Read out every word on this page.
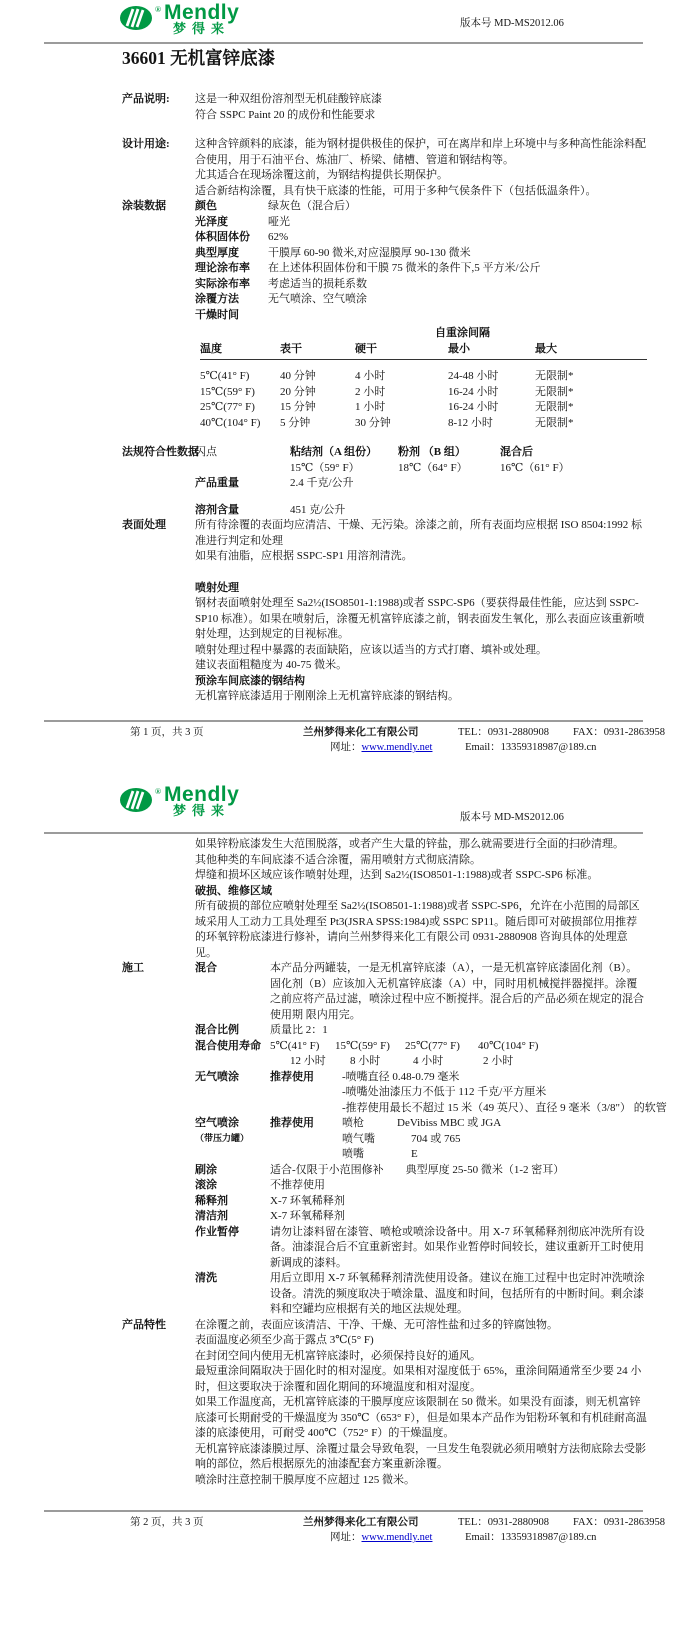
® Mendly
梦得来	版本号 MD-MS2012.06
36601 无机富锌底漆
产品说明:	这是一种双组份溶剂型无机硅酸锌底漆
符合 SSPC Paint 20 的成份和性能要求
设计用途:	这种含锌颜料的底漆，能为钢材提供极佳的保护，可在离岸和岸上环境中与多种高性能涂料配合使用，用于石油平台、炼油厂、桥梁、储槽、管道和钢结构等。
尤其适合在现场涂覆这前，为钢结构提供长期保护。
适合新结构涂覆，具有快干底漆的性能，可用于多种气侯条件下（包括低温条件）。
涂装数据	颜色	绿灰色（混合后）
光泽度	哑光
体积固体份	62%
典型厚度	干膜厚 60-90 微米,对应湿膜厚 90-130 微米
理论涂布率	在上述体积固体份和干膜 75 微米的条件下,5 平方米/公斤
实际涂布率	考虑适当的损耗系数
涂覆方法	无气喷涂、空气喷涂
干燥时间
自重涂间隔
温度	表干	硬干	最小	最大
5℃(41° F)	40 分钟	4 小时	24-48 小时	无限制*
15℃(59° F)	20 分钟	2 小时	16-24 小时	无限制*
25℃(77° F)	15 分钟	1 小时	16-24 小时	无限制*
40℃(104° F)	5 分钟	30 分钟	8-12 小时	无限制*
法规符合性数据
闪点	粘结剂（A 组份）	粉剂 （B 组）	混合后
15℃（59° F）	18℃（64° F）	16℃（61° F）
产品重量	2.4 千克/公升
溶剂含量	451 克/公升
表面处理	所有待涂覆的表面均应清洁、干燥、无污染。涂漆之前，所有表面均应根据 ISO 8504:1992 标准进行判定和处理
如果有油脂，应根据 SSPC-SP1 用溶剂清洗。
喷射处理
钢材表面喷射处理至 Sa2½(ISO8501-1:1988)或者 SSPC-SP6（要获得最佳性能，应达到 SSPC-SP10 标准）。如果在喷射后，涂覆无机富锌底漆之前，钢表面发生氧化，那么表面应该重新喷射处理，达到规定的目视标准。
喷射处理过程中暴露的表面缺陷，应该以适当的方式打磨、填补或处理。
建议表面粗糙度为 40-75 微米。
预涂车间底漆的钢结构
无机富锌底漆适用于刚刚涂上无机富锌底漆的钢结构。
第 1 页，共 3 页	兰州梦得来化工有限公司	TEL：0931-2880908	FAX：0931-2863958
网址：www.mendly.net	Email：13359318987@189.cn
® Mendly
梦得来	版本号 MD-MS2012.06
如果锌粉底漆发生大范围脱落，或者产生大量的锌盐，那么就需要进行全面的扫砂清理。
其他种类的车间底漆不适合涂覆，需用喷射方式彻底清除。
焊缝和损坏区域应该作喷射处理，达到 Sa2½(ISO8501-1:1988)或者 SSPC-SP6 标准。
破损、维修区域
所有破损的部位应喷射处理至 Sa2½(ISO8501-1:1988)或者 SSPC-SP6，允许在小范围的局部区域采用人工动力工具处理至 Pt3(JSRA SPSS:1984)或 SSPC SP11。随后即可对破损部位用推荐的环氧锌粉底漆进行修补，请向兰州梦得来化工有限公司 0931-2880908 咨询具体的处理意见。
施工	混合	本产品分两罐装，一是无机富锌底漆（A），一是无机富锌底漆固化剂（B）。固化剂（B）应该加入无机富锌底漆（A）中，同时用机械搅拌器搅拌。涂覆之前应将产品过滤，喷涂过程中应不断搅拌。混合后的产品必须在规定的混合使用期 限内用完。
混合比例	质量比 2：1
混合使用寿命 5℃(41° F)	15℃(59° F)	25℃(77° F)	40℃(104° F)
12 小时	8 小时	4 小时	2 小时
无气喷涂	推荐使用	-喷嘴直径 0.48-0.79 毫米
-喷嘴处油漆压力不低于 112 千克/平方厘米
-推荐使用最长不超过 15 米（49 英尺）、直径 9 毫米（3/8"） 的软管
空气喷涂
（带压力罐）
推荐使用	喷枪	DeVibiss MBC 或 JGA
喷气嘴	704 或 765
喷嘴	E
刷涂	适合-仅限于小范围修补 典型厚度 25-50 微米（1-2 密耳）
滚涂	不推荐使用
稀释剂	X-7 环氧稀释剂
清洁剂	X-7 环氧稀释剂
作业暂停	请勿让漆料留在漆管、喷枪或喷涂设备中。用 X-7 环氧稀释剂彻底冲洗所有设备。油漆混合后不宜重新密封。如果作业暂停时间较长，建议重新开工时使用新调成的漆料。
清洗	用后立即用 X-7 环氧稀释剂清洗使用设备。建议在施工过程中也定时冲洗喷涂设备。清洗的频度取决于喷涂量、温度和时间，包括所有的中断时间。剩余漆料和空罐均应根据有关的地区法规处理。
产品特性	在涂覆之前，表面应该清洁、干净、干燥、无可溶性盐和过多的锌腐蚀物。
表面温度必须至少高于露点 3℃(5° F)
在封闭空间内使用无机富锌底漆时，必须保持良好的通风。
最短重涂间隔取决于固化时的相对湿度。如果相对湿度低于 65%，重涂间隔通常至少要 24 小时，但这要取决于涂覆和固化期间的环境温度和相对湿度。
如果工作温度高，无机富锌底漆的干膜厚度应该限制在 50 微米。如果没有面漆，则无机富锌底漆可长期耐受的干燥温度为 350℃（653° F），但是如果本产品作为铝粉环氧和有机硅耐高温漆的底漆使用，可耐受 400℃（752° F）的干燥温度。
无机富锌底漆漆膜过厚、涂覆过量会导致龟裂，一旦发生龟裂就必须用喷射方法彻底除去受影响的部位，然后根据原先的油漆配套方案重新涂覆。
喷涂时注意控制干膜厚度不应超过 125 微米。
第 2 页，共 3 页	兰州梦得来化工有限公司	TEL：0931-2880908	FAX：0931-2863958
网址：www.mendly.net	Email：13359318987@189.cn
